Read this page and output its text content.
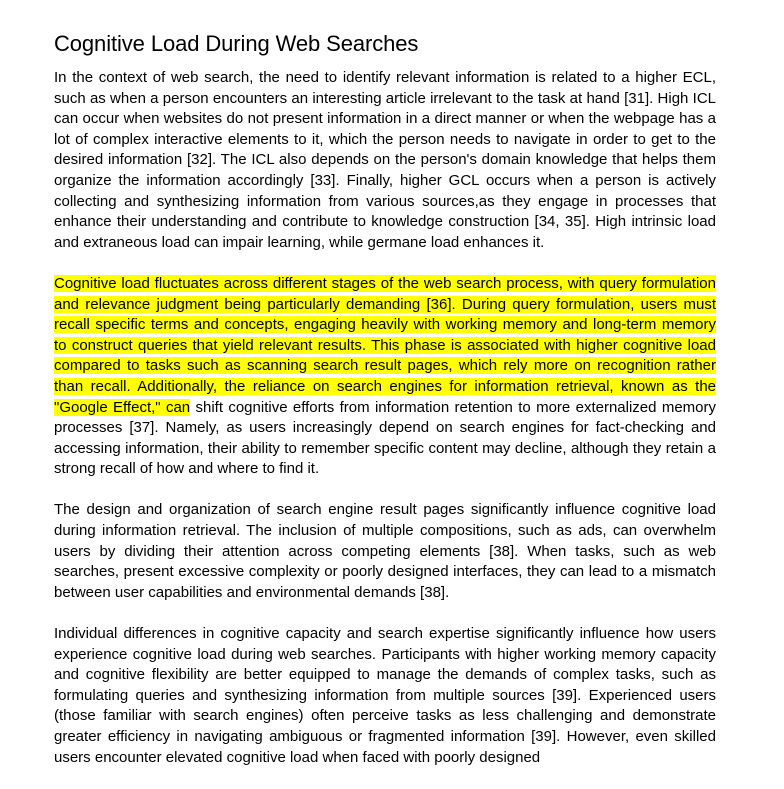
Cognitive Load During Web Searches

In the context of web search, the need to identify relevant information is related to a higher ECL, such as when a person encounters an interesting article irrelevant to the task at hand [31]. High ICL can occur when websites do not present information in a direct manner or when the webpage has a lot of complex interactive elements to it, which the person needs to navigate in order to get to the desired information [32]. The ICL also depends on the person's domain knowledge that helps them organize the information accordingly [33]. Finally, higher GCL occurs when a person is actively collecting and synthesizing information from various sources,as they engage in processes that enhance their understanding and contribute to knowledge construction [34, 35]. High intrinsic load and extraneous load can impair learning, while germane load enhances it.

Cognitive load fluctuates across different stages of the web search process, with query formulation and relevance judgment being particularly demanding [36]. During query formulation, users must recall specific terms and concepts, engaging heavily with working memory and long-term memory to construct queries that yield relevant results. This phase is associated with higher cognitive load compared to tasks such as scanning search result pages, which rely more on recognition rather than recall. Additionally, the reliance on search engines for information retrieval, known as the "Google Effect," can shift cognitive efforts from information retention to more externalized memory processes [37]. Namely, as users increasingly depend on search engines for fact-checking and accessing information, their ability to remember specific content may decline, although they retain a strong recall of how and where to find it.

The design and organization of search engine result pages significantly influence cognitive load during information retrieval. The inclusion of multiple compositions, such as ads, can overwhelm users by dividing their attention across competing elements [38]. When tasks, such as web searches, present excessive complexity or poorly designed interfaces, they can lead to a mismatch between user capabilities and environmental demands [38].

Individual differences in cognitive capacity and search expertise significantly influence how users experience cognitive load during web searches. Participants with higher working memory capacity and cognitive flexibility are better equipped to manage the demands of complex tasks, such as formulating queries and synthesizing information from multiple sources [39]. Experienced users (those familiar with search engines) often perceive tasks as less challenging and demonstrate greater efficiency in navigating ambiguous or fragmented information [39]. However, even skilled users encounter elevated cognitive load when faced with poorly designed
